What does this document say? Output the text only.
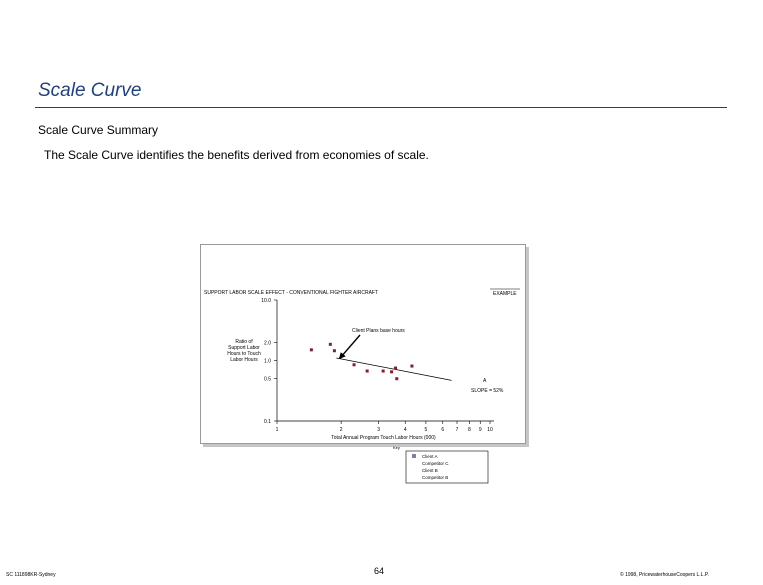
Scale Curve
Scale Curve Summary
The Scale Curve identifies the benefits derived from economies of scale.
SUPPORT LABOR SCALE EFFECT - CONVENTIONAL FIGHTER AIRCRAFT	EXAMPLE
10.0
2.0
1.0
0.5
0.1
1	2	3	4	5	6 7 8 9 10
Total Annual Program Touch Labor Hours (000)
Ratio of
Support Labor
Hours to Touch
Labor Hours
Client Plans base hours
SLOPE = 52%
A
Key
Client A
Competitor C
Client B
Competitor B
SC 111898KR-Sydney	64	© 1998, PricewaterhouseCoopers L.L.P.
